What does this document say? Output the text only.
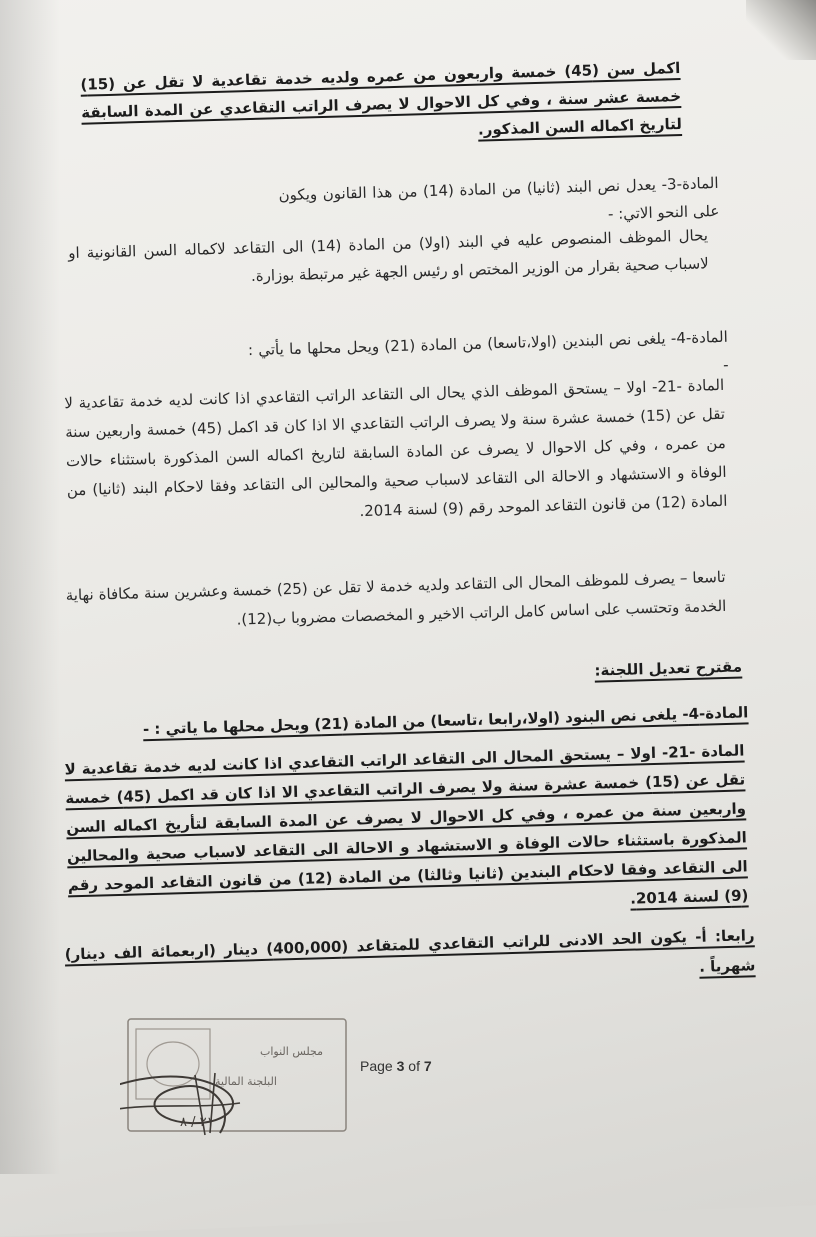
اكمل سن (45) خمسة واربعون من عمره ولديه خدمة تقاعدية لا تقل عن (15) خمسة عشر سنة ، وفي كل الاحوال لا يصرف الراتب التقاعدي عن المدة السابقة لتاريخ اكماله السن المذكور.
المادة-3- يعدل نص البند (ثانيا) من المادة (14) من هذا القانون ويكون على النحو الاتي: -
يحال الموظف المنصوص عليه في البند (اولا) من المادة (14) الى التقاعد لاكماله السن القانونية او لاسباب صحية بقرار من الوزير المختص او رئيس الجهة غير مرتبطة بوزارة.
المادة-4- يلغى نص البندين (اولا،تاسعا) من المادة (21) ويحل محلها ما يأتي : -
المادة -21- اولا – يستحق الموظف الذي يحال الى التقاعد الراتب التقاعدي اذا كانت لديه خدمة تقاعدية لا تقل عن (15) خمسة عشرة سنة ولا يصرف الراتب التقاعدي الا اذا كان قد اكمل (45) خمسة واربعين سنة من عمره ، وفي كل الاحوال لا يصرف عن المادة السابقة لتاريخ اكماله السن المذكورة باستثناء حالات الوفاة و الاستشهاد و الاحالة الى التقاعد لاسباب صحية والمحالين الى التقاعد وفقا لاحكام البند (ثانيا) من المادة (12) من قانون التقاعد الموحد رقم (9) لسنة 2014.
تاسعا – يصرف للموظف المحال الى التقاعد ولديه خدمة لا تقل عن (25) خمسة وعشرين سنة مكافاة نهاية الخدمة وتحتسب على اساس كامل الراتب الاخير و المخصصات مضروبا ب(12).
مقترح تعديل اللجنة:
المادة-4- يلغى نص البنود (اولا،رابعا ،تاسعا) من المادة (21) ويحل محلها ما ياتي : -
المادة -21- اولا – يستحق المحال الى التقاعد الراتب التقاعدي اذا كانت لديه خدمة تقاعدية لا تقل عن (15) خمسة عشرة سنة ولا يصرف الراتب التقاعدي الا اذا كان قد اكمل (45) خمسة واربعين سنة من عمره ، وفي كل الاحوال لا يصرف عن المدة السابقة لتأريخ اكماله السن المذكورة باستثناء حالات الوفاة و الاستشهاد و الاحالة الى التقاعد لاسباب صحية والمحالين الى التقاعد وفقا لاحكام البندين (ثانيا وثالثا) من المادة (12) من قانون التقاعد الموحد رقم (9) لسنة 2014.
رابعا: أ- يكون الحد الادنى للراتب التقاعدي للمتقاعد (400,000) دينار (اربعمائة الف دينار) شهرياً .
البلجنة المالية
مجلس النواب
٢١ / ٨
Page 3 of 7
